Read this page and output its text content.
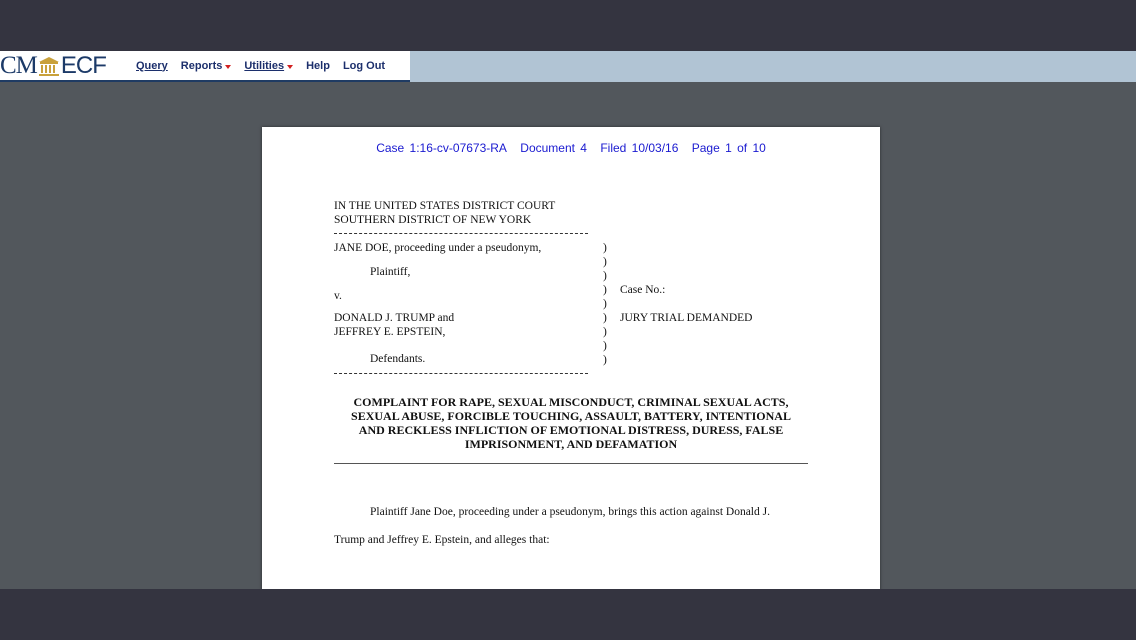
CM ECF	Query Reports Utilities Help Log Out
Case 1:16-cv-07673-RA Document 4 Filed 10/03/16 Page 1 of 10
IN THE UNITED STATES DISTRICT COURT
SOUTHERN DISTRICT OF NEW YORK
JANE DOE, proceeding under a pseudonym,
Plaintiff,
v.
DONALD J. TRUMP and
JEFFREY E. EPSTEIN,
Defendants.
)
)
)
)
)
)
)
)
)
Case No.:
JURY TRIAL DEMANDED
COMPLAINT FOR RAPE, SEXUAL MISCONDUCT, CRIMINAL SEXUAL ACTS,
SEXUAL ABUSE, FORCIBLE TOUCHING, ASSAULT, BATTERY, INTENTIONAL
AND RECKLESS INFLICTION OF EMOTIONAL DISTRESS, DURESS, FALSE
IMPRISONMENT, AND DEFAMATION
Plaintiff Jane Doe, proceeding under a pseudonym, brings this action against Donald J.
Trump and Jeffrey E. Epstein, and alleges that:
